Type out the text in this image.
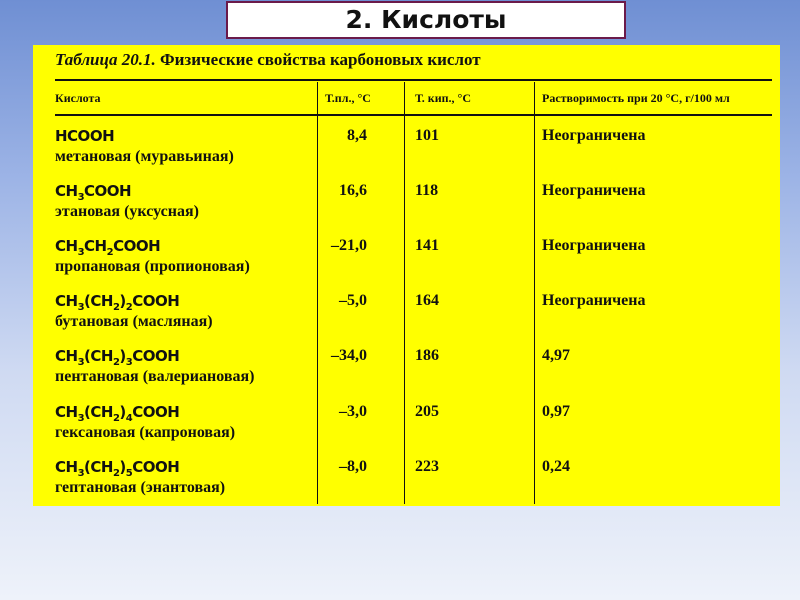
2. Кислоты
Таблица 20.1. Физические свойства карбоновых кислот
Кислота	Т.пл., °С	Т. кип., °С	Растворимость при 20 °С, г/100 мл
HCOOH
метановая (муравьиная)
8,4	101	Неограничена
$CH_3COOH$
этановая (уксусная)
16,6	118	Неограничена
$CH_3CH_2COOH$
пропановая (пропионовая)
–21,0	141	Неограничена
$CH_3(CH_2)_2COOH$
бутановая (масляная)
–5,0	164	Неограничена
$CH_3(CH_2)_3COOH$
пентановая (валериановая)
–34,0	186	4,97
$CH_3(CH_2)_4COOH$
гексановая (капроновая)
–3,0	205	0,97
$CH_3(CH_2)_5COOH$
гептановая (энантовая)
–8,0	223	0,24
